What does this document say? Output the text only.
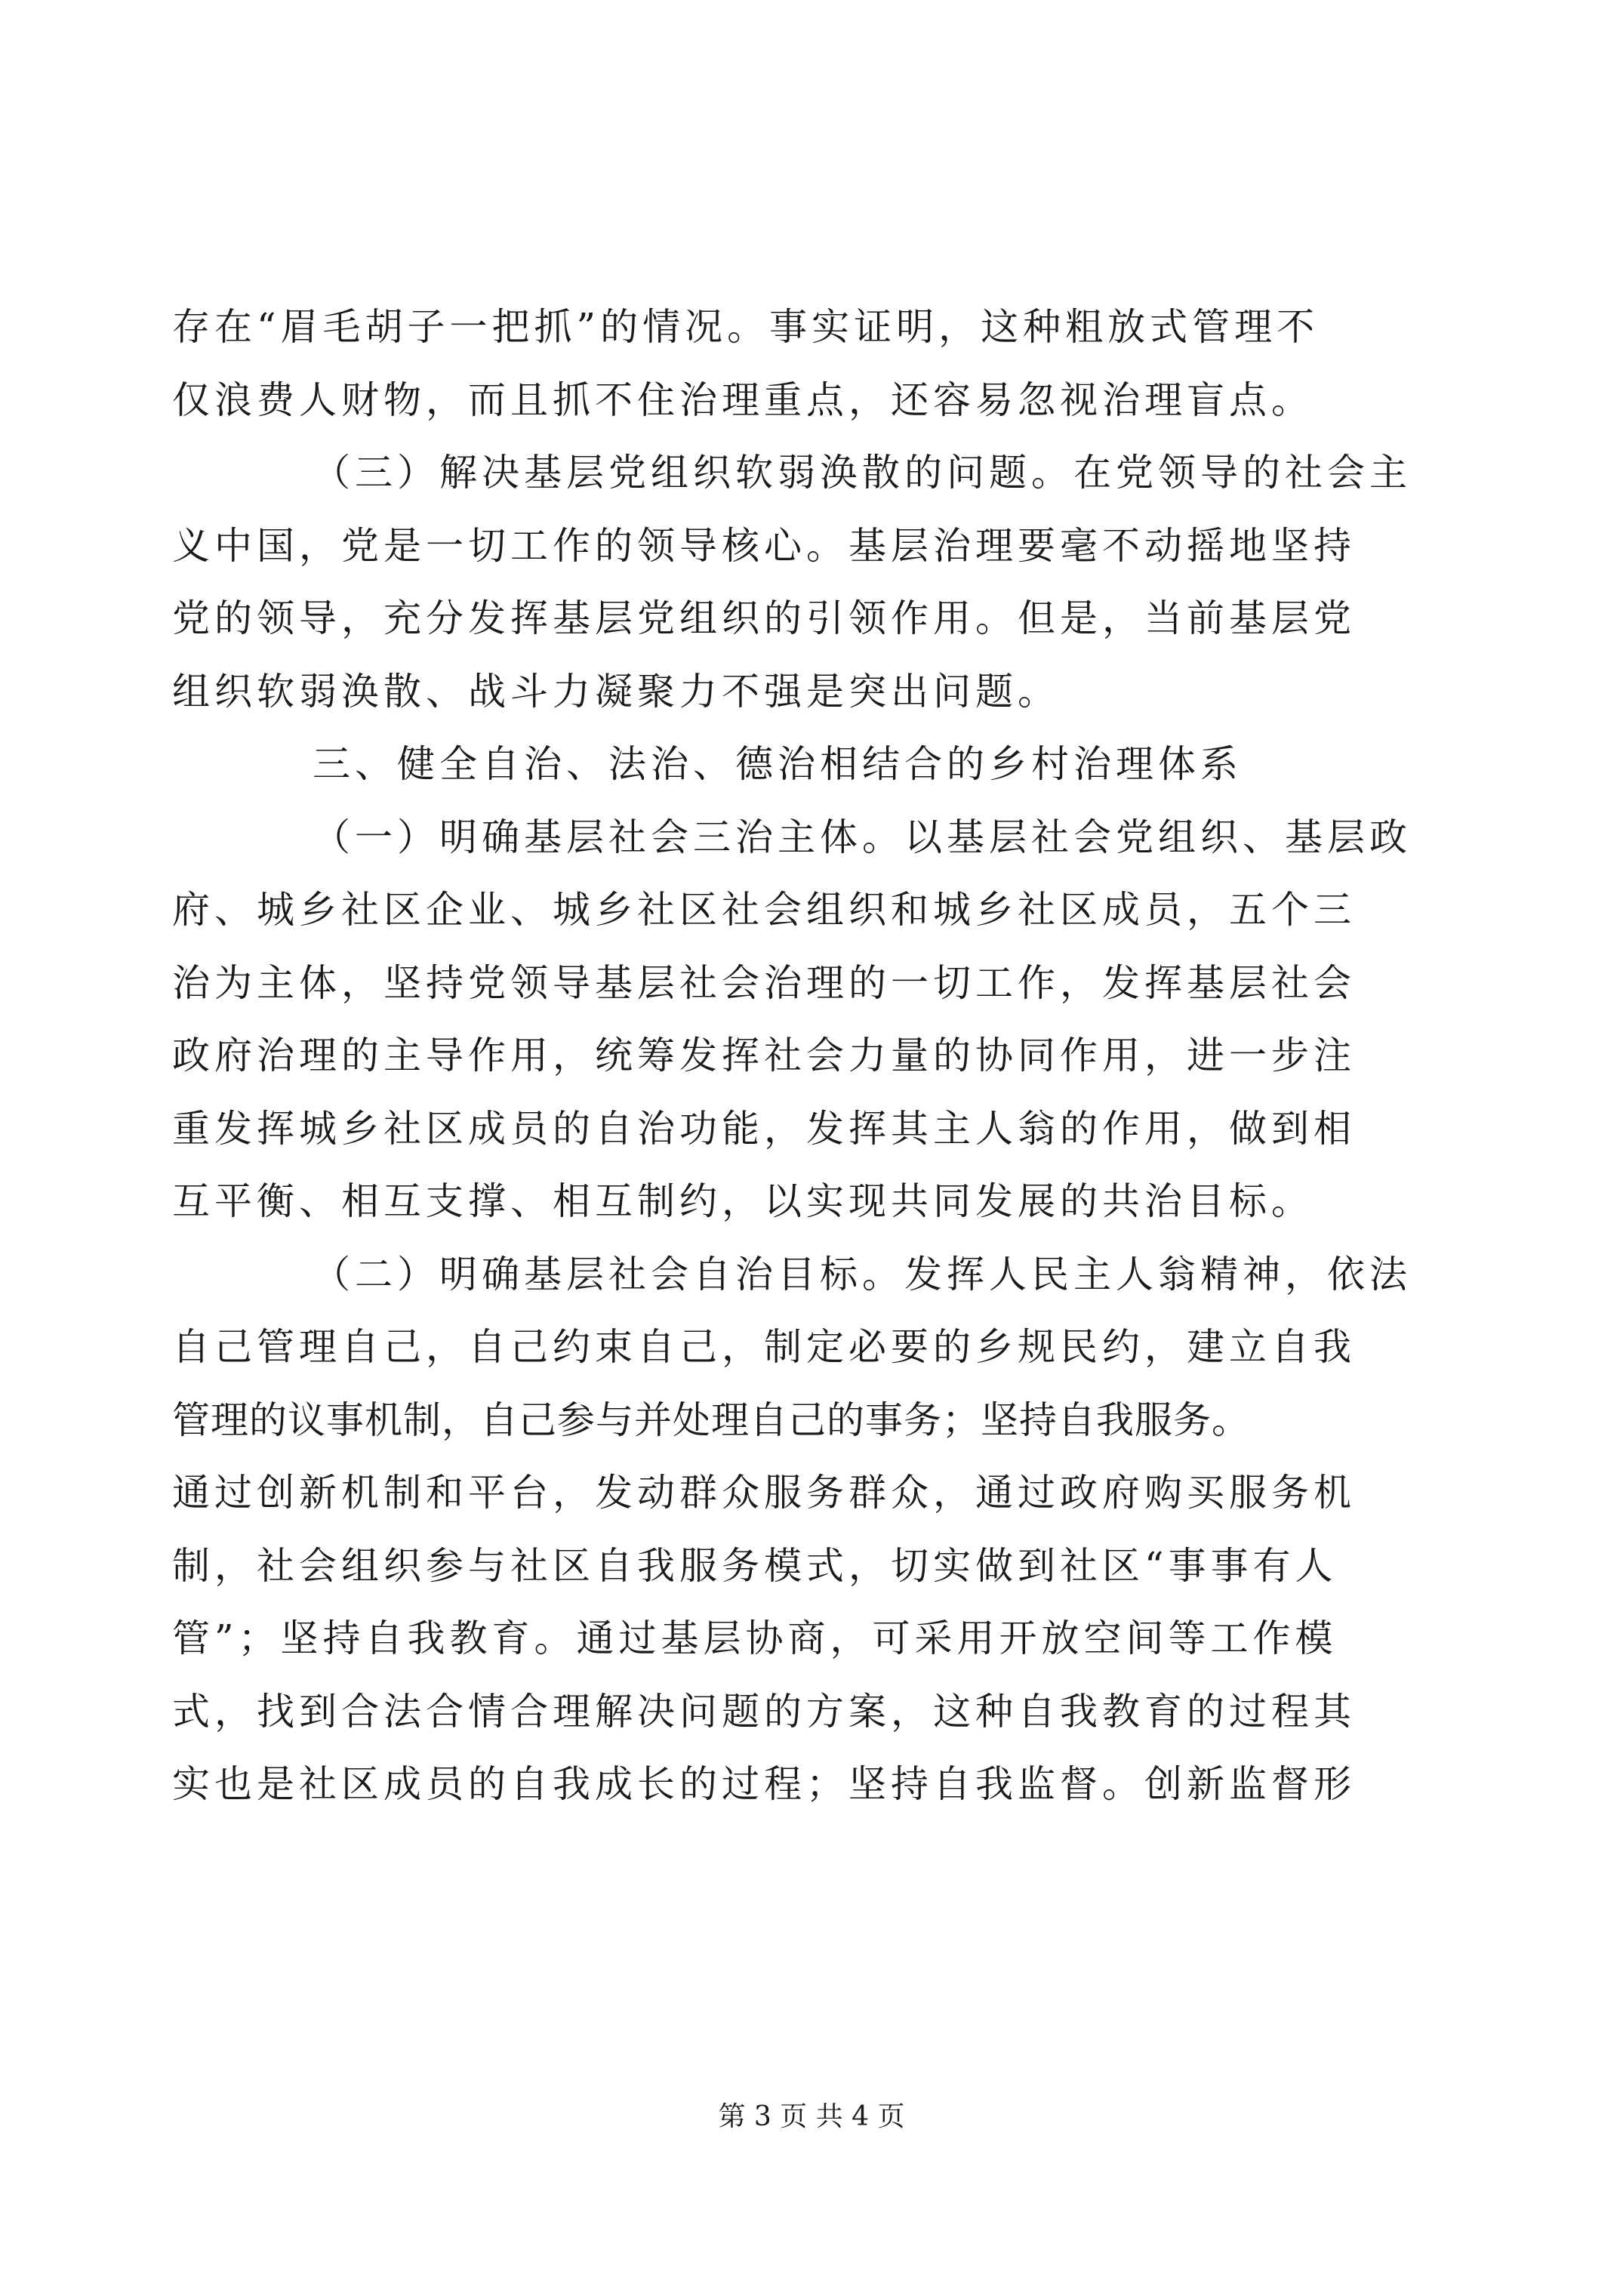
存在“眉毛胡子一把抓”的情况。事实证明，这种粗放式管理不
仅浪费人财物，而且抓不住治理重点，还容易忽视治理盲点。
（三）解决基层党组织软弱涣散的问题。在党领导的社会主
义中国，党是一切工作的领导核心。基层治理要毫不动摇地坚持
党的领导，充分发挥基层党组织的引领作用。但是，当前基层党
组织软弱涣散、战斗力凝聚力不强是突出问题。
三、健全自治、法治、德治相结合的乡村治理体系
（一）明确基层社会三治主体。以基层社会党组织、基层政
府、城乡社区企业、城乡社区社会组织和城乡社区成员，五个三
治为主体，坚持党领导基层社会治理的一切工作，发挥基层社会
政府治理的主导作用，统筹发挥社会力量的协同作用，进一步注
重发挥城乡社区成员的自治功能，发挥其主人翁的作用，做到相
互平衡、相互支撑、相互制约，以实现共同发展的共治目标。
（二）明确基层社会自治目标。发挥人民主人翁精神，依法
自己管理自己，自己约束自己，制定必要的乡规民约，建立自我
管理的议事机制，自己参与并处理自己的事务；坚持自我服务。
通过创新机制和平台，发动群众服务群众，通过政府购买服务机
制，社会组织参与社区自我服务模式，切实做到社区“事事有人
管”；坚持自我教育。通过基层协商，可采用开放空间等工作模
式，找到合法合情合理解决问题的方案，这种自我教育的过程其
实也是社区成员的自我成长的过程；坚持自我监督。创新监督形
第 3 页 共 4 页
